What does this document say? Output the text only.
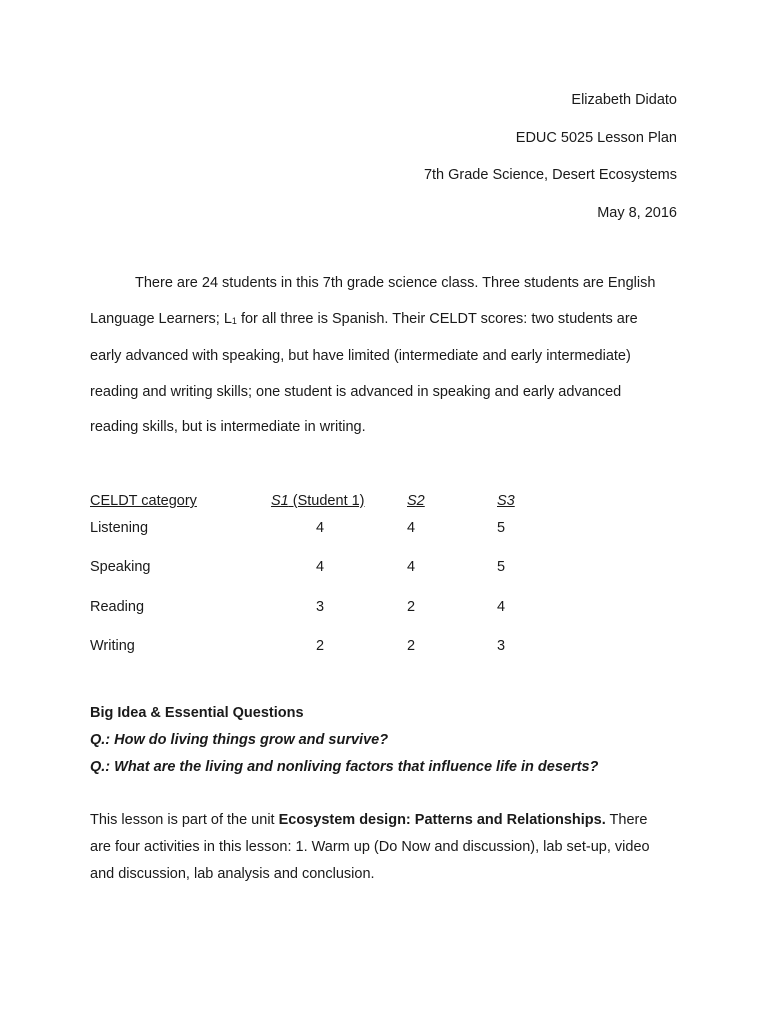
Elizabeth Didato
EDUC 5025 Lesson Plan
7th Grade Science, Desert Ecosystems
May 8, 2016
There are 24 students in this 7th grade science class. Three students are English
Language Learners; $L_1$ for all three is Spanish. Their CELDT scores: two students are
early advanced with speaking, but have limited (intermediate and early intermediate)
reading and writing skills; one student is advanced in speaking and early advanced
reading skills, but is intermediate in writing.
CELDT category	S1 (Student 1)	S2	S3
Listening	4	4	5
Speaking	4	4	5
Reading	3	2	4
Writing	2	2	3
Big Idea & Essential Questions
Q.: How do living things grow and survive?
Q.: What are the living and nonliving factors that influence life in deserts?
This lesson is part of the unit Ecosystem design: Patterns and Relationships. There
are four activities in this lesson: 1. Warm up (Do Now and discussion), lab set-up, video
and discussion, lab analysis and conclusion.
